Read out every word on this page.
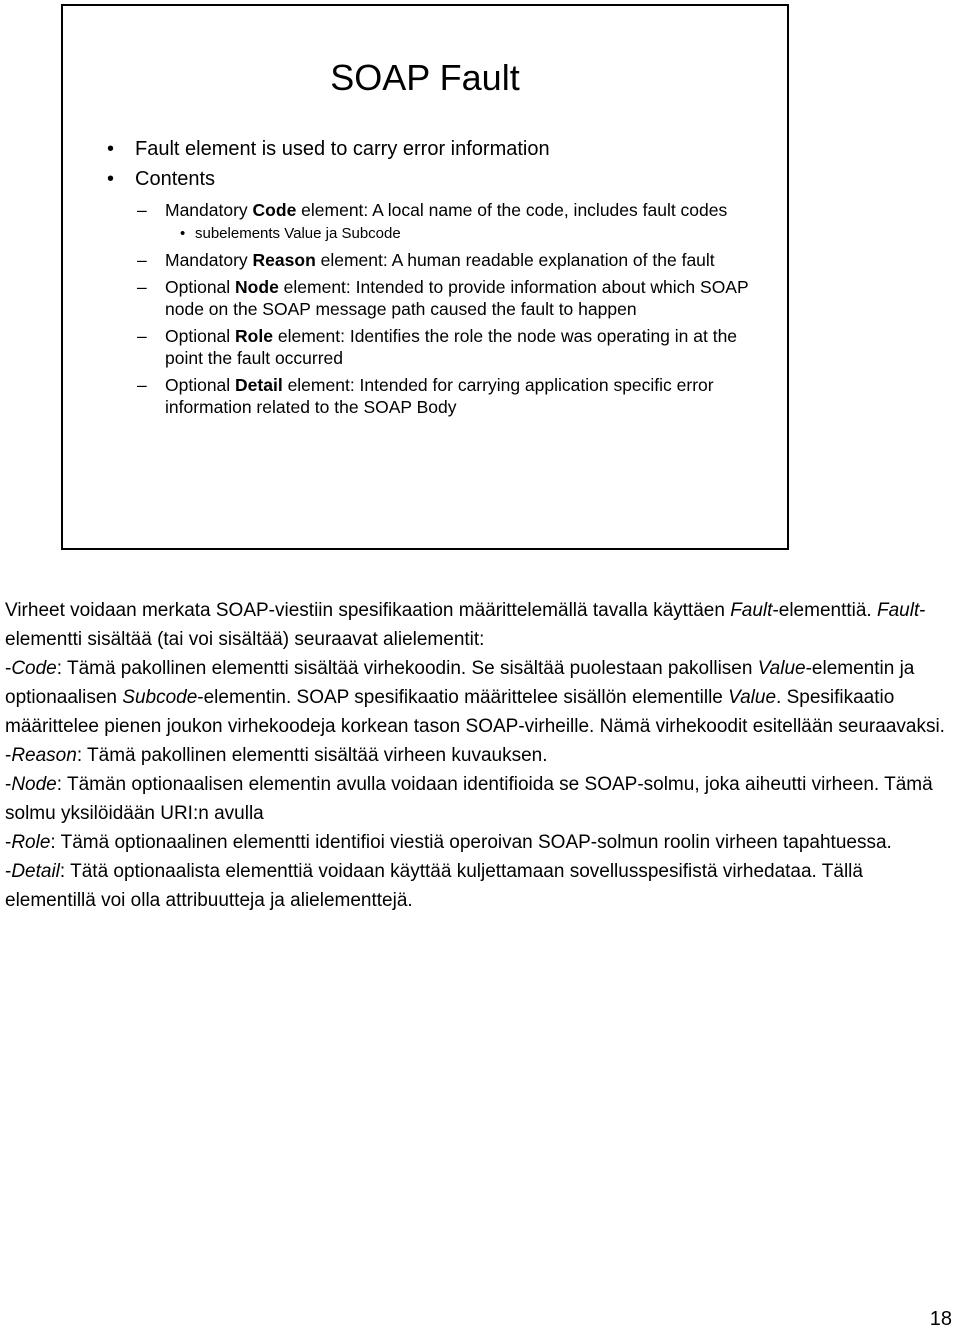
SOAP Fault
• Fault element is used to carry error information
• Contents
– Mandatory Code element: A local name of the code, includes fault codes
• subelements Value ja Subcode
– Mandatory Reason element: A human readable explanation of the fault
– Optional Node element: Intended to provide information about which SOAP node on the SOAP message path caused the fault to happen
– Optional Role element: Identifies the role the node was operating in at the point the fault occurred
– Optional Detail element: Intended for carrying application specific error information related to the SOAP Body

Virheet voidaan merkata SOAP-viestiin spesifikaation määrittelemällä tavalla käyttäen Fault-elementtiä. Fault-elementti sisältää (tai voi sisältää) seuraavat alielementit:

-Code: Tämä pakollinen elementti sisältää virhekoodin. Se sisältää puolestaan pakollisen Value-elementin ja optionaalisen Subcode-elementin. SOAP spesifikaatio määrittelee sisällön elementille Value. Spesifikaatio määrittelee pienen joukon virhekoodeja korkean tason SOAP-virheille. Nämä virhekoodit esitellään seuraavaksi.

-Reason: Tämä pakollinen elementti sisältää virheen kuvauksen.

-Node: Tämän optionaalisen elementin avulla voidaan identifioida se SOAP-solmu, joka aiheutti virheen. Tämä solmu yksilöidään URI:n avulla

-Role: Tämä optionaalinen elementti identifioi viestiä operoivan SOAP-solmun roolin virheen tapahtuessa.

-Detail: Tätä optionaalista elementtiä voidaan käyttää kuljettamaan sovellusspesifistä virhedataa. Tällä elementillä voi olla attribuutteja ja alielementtejä.

18
